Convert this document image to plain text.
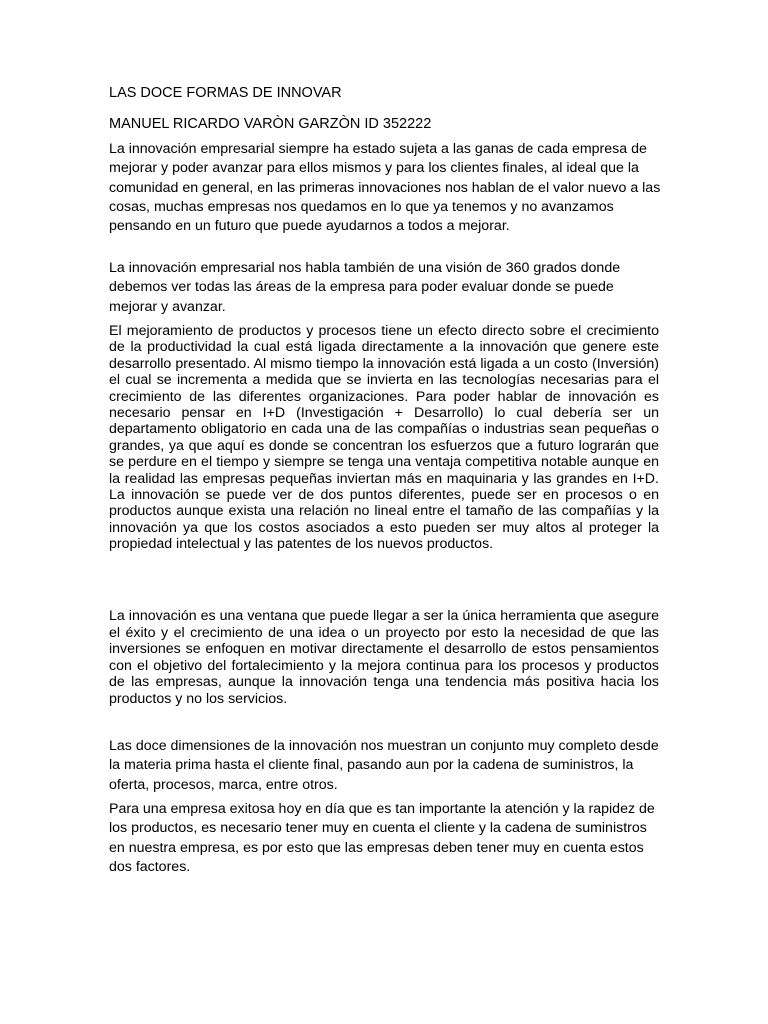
LAS DOCE FORMAS DE INNOVAR
MANUEL RICARDO VARÒN GARZÒN ID 352222

La innovación empresarial siempre ha estado sujeta a las ganas de cada empresa de mejorar y poder avanzar para ellos mismos y para los clientes finales, al ideal que la comunidad en general, en las primeras innovaciones nos hablan de el valor nuevo a las cosas, muchas empresas nos quedamos en lo que ya tenemos y no avanzamos pensando en un futuro que puede ayudarnos a todos a mejorar.

La innovación empresarial nos habla también de una visión de 360 grados donde debemos ver todas las áreas de la empresa para poder evaluar donde se puede mejorar y avanzar.

El mejoramiento de productos y procesos tiene un efecto directo sobre el crecimiento de la productividad la cual está ligada directamente a la innovación que genere este desarrollo presentado. Al mismo tiempo la innovación está ligada a un costo (Inversión) el cual se incrementa a medida que se invierta en las tecnologías necesarias para el crecimiento de las diferentes organizaciones. Para poder hablar de innovación es necesario pensar en I+D (Investigación + Desarrollo) lo cual debería ser un departamento obligatorio en cada una de las compañías o industrias sean pequeñas o grandes, ya que aquí es donde se concentran los esfuerzos que a futuro lograrán que se perdure en el tiempo y siempre se tenga una ventaja competitiva notable aunque en la realidad las empresas pequeñas inviertan más en maquinaria y las grandes en I+D. La innovación se puede ver de dos puntos diferentes, puede ser en procesos o en productos aunque exista una relación no lineal entre el tamaño de las compañías y la innovación ya que los costos asociados a esto pueden ser muy altos al proteger la propiedad intelectual y las patentes de los nuevos productos.

La innovación es una ventana que puede llegar a ser la única herramienta que asegure el éxito y el crecimiento de una idea o un proyecto por esto la necesidad de que las inversiones se enfoquen en motivar directamente el desarrollo de estos pensamientos con el objetivo del fortalecimiento y la mejora continua para los procesos y productos de las empresas, aunque la innovación tenga una tendencia más positiva hacia los productos y no los servicios.

Las doce dimensiones de la innovación nos muestran un conjunto muy completo desde la materia prima hasta el cliente final, pasando aun por la cadena de suministros, la oferta, procesos, marca, entre otros.

Para una empresa exitosa hoy en día que es tan importante la atención y la rapidez de los productos, es necesario tener muy en cuenta el cliente y la cadena de suministros en nuestra empresa, es por esto que las empresas deben tener muy en cuenta estos dos factores.
